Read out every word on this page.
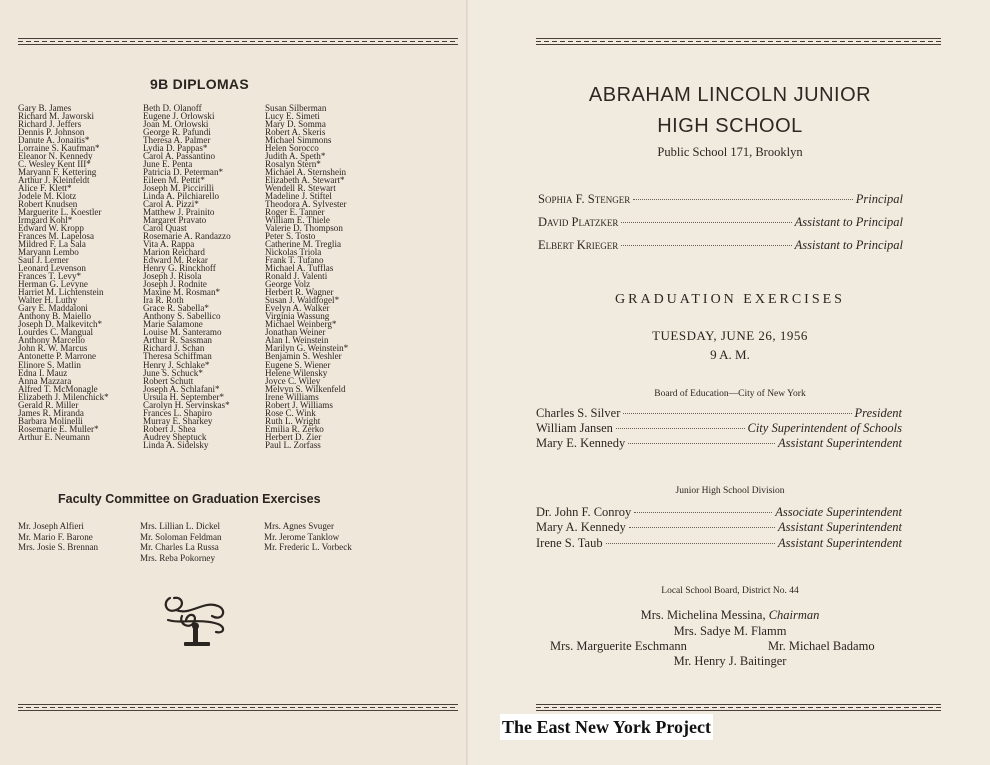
9B DIPLOMAS
Gary B. James
Richard M. Jaworski
Richard J. Jeffers
Dennis P. Johnson
Danute A. Jonaitis*
Lorraine S. Kaufman*
Eleanor N. Kennedy
C. Wesley Kent III*
Maryann F. Kettering
Arthur J. Kleinfeldt
Alice F. Klett*
Jodele M. Klotz
Robert Knudsen
Marguerite L. Koestler
Irmgard Kohl*
Edward W. Kropp
Frances M. Lapelosa
Mildred F. La Sala
Maryann Lembo
Saul J. Lerner
Leonard Levenson
Frances T. Levy*
Herman G. Levyne
Harriet M. Lichtenstein
Walter H. Luthy
Gary E. Maddaloni
Anthony B. Maiello
Joseph D. Malkevitch*
Lourdes C. Mangual
Anthony Marcello
John R. W. Marcus
Antonette P. Marrone
Elinore S. Matlin
Edna I. Mauz
Anna Mazzara
Alfred T. McMonagle
Elizabeth J. Milenchick*
Gerald R. Miller
James R. Miranda
Barbara Molinelli
Rosemarie E. Muller*
Arthur E. Neumann
Beth D. Olanoff
Eugene J. Orlowski
Joan M. Orlowski
George R. Pafundi
Theresa A. Palmer
Lydia D. Pappas*
Carol A. Passantino
June E. Penta
Patricia D. Peterman*
Eileen M. Pettit*
Joseph M. Piccirilli
Linda A. Pilchiarello
Carol A. Pizzi*
Matthew J. Prainito
Margaret Pravato
Carol Quast
Rosemarie A. Randazzo
Vita A. Rappa
Marion Reichard
Edward M. Rekar
Henry G. Rinckhoff
Joseph J. Risola
Joseph J. Rodnite
Maxine M. Rosman*
Ira R. Roth
Grace R. Sabella*
Anthony S. Sabellico
Marie Salamone
Louise M. Santeramo
Arthur R. Sassman
Richard J. Schan
Theresa Schiffman
Henry J. Schlake*
June S. Schuck*
Robert Schutt
Joseph A. Schlafani*
Ursula H. September*
Carolyn H. Servinskas*
Frances L. Shapiro
Murray E. Sharkey
Robert J. Shea
Audrey Sheptuck
Linda A. Sidelsky
Susan Silberman
Lucy E. Simeti
Mary D. Somma
Robert A. Skeris
Michael Simmons
Helen Sorocco
Judith A. Speth*
Rosalyn Stern*
Michael A. Sternshein
Elizabeth A. Stewart*
Wendell R. Stewart
Madeline J. Stiftel
Theodora A. Sylvester
Roger E. Tanner
William E. Thiele
Valerie D. Thompson
Peter S. Tosto
Catherine M. Treglia
Nickolas Triola
Frank T. Tufano
Michael A. Tufflas
Ronald J. Valenti
George Volz
Herbert R. Wagner
Susan J. Waldfogel*
Evelyn A. Walker
Virginia Wassung
Michael Weinberg*
Jonathan Weiner
Alan I. Weinstein
Marilyn G. Weinstein*
Benjamin S. Weshler
Eugene S. Wiener
Helene Wilensky
Joyce C. Wiley
Melvyn S. Wilkenfeld
Irene Williams
Robert J. Williams
Rose C. Wink
Ruth L. Wright
Emilia R. Zerko
Herbert D. Zier
Paul L. Zorfass
Faculty Committee on Graduation Exercises
Mr. Joseph Alfieri
Mr. Mario F. Barone
Mrs. Josie S. Brennan
Mrs. Lillian L. Dickel
Mr. Soloman Feldman
Mr. Charles La Russa
Mrs. Reba Pokorney
Mrs. Agnes Svuger
Mr. Jerome Tanklow
Mr. Frederic L. Vorbeck
ABRAHAM LINCOLN JUNIOR
HIGH SCHOOL
Public School 171, Brooklyn
Sophia F. Stenger	Principal
David Platzker	Assistant to Principal
Elbert Krieger	Assistant to Principal
GRADUATION EXERCISES
TUESDAY, JUNE 26, 1956
9 A. M.
Board of Education—City of New York
Charles S. Silver	President
William Jansen	City Superintendent of Schools
Mary E. Kennedy	Assistant Superintendent
Junior High School Division
Dr. John F. Conroy	Associate Superintendent
Mary A. Kennedy	Assistant Superintendent
Irene S. Taub	Assistant Superintendent
Local School Board, District No. 44
Mrs. Michelina Messina, Chairman
Mrs. Sadye M. Flamm
Mrs. Marguerite Eschmann	Mr. Michael Badamo
Mr. Henry J. Baitinger
The East New York Project
